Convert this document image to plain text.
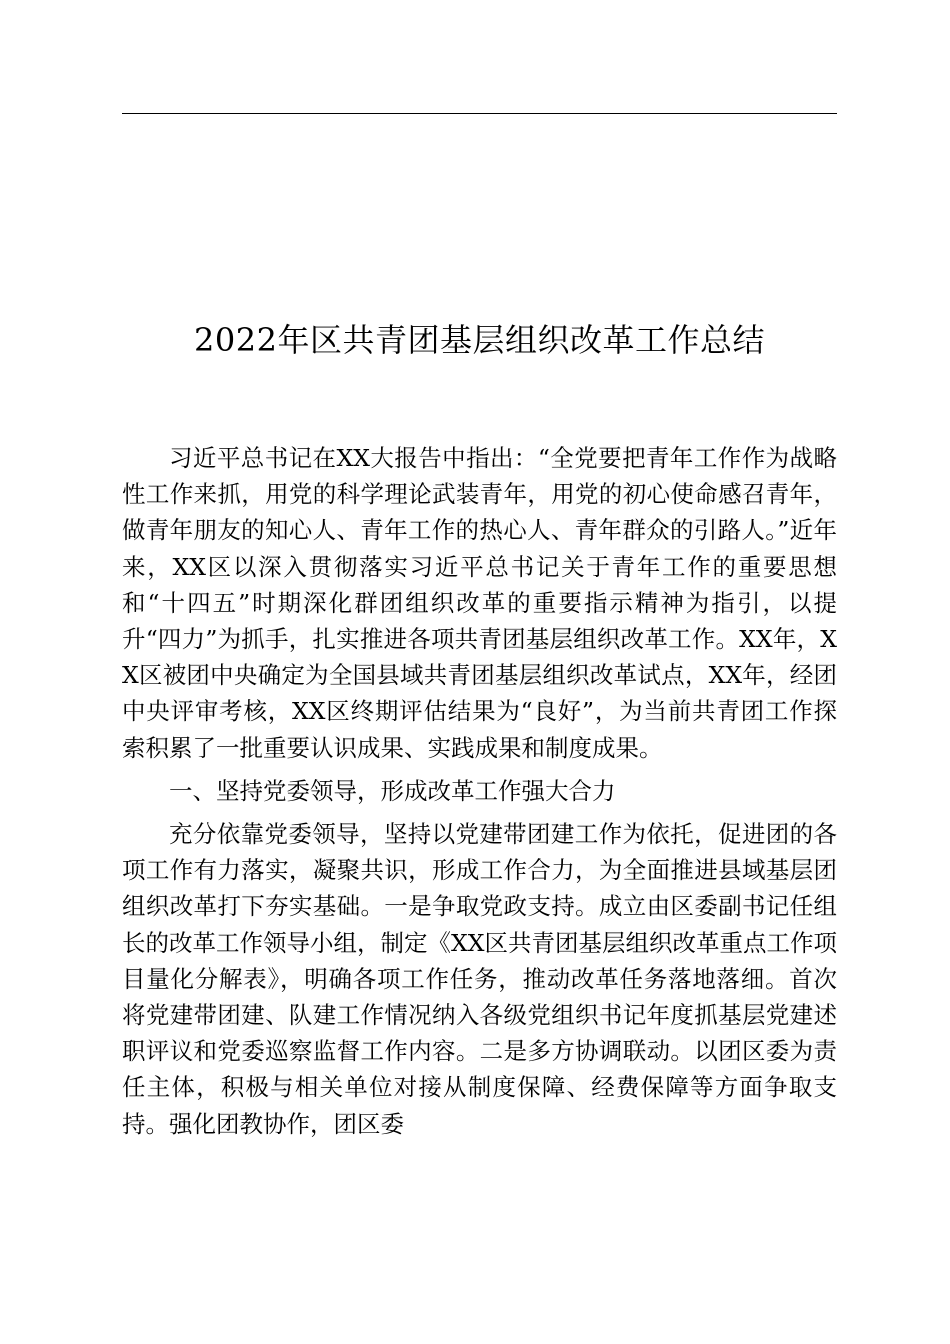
2022年区共青团基层组织改革工作总结

习近平总书记在XX大报告中指出：“全党要把青年工作作为战略性工作来抓，用党的科学理论武装青年，用党的初心使命感召青年，做青年朋友的知心人、青年工作的热心人、青年群众的引路人。”近年来，XX区以深入贯彻落实习近平总书记关于青年工作的重要思想和“十四五”时期深化群团组织改革的重要指示精神为指引，以提升“四力”为抓手，扎实推进各项共青团基层组织改革工作。XX年，XX区被团中央确定为全国县域共青团基层组织改革试点，XX年，经团中央评审考核，XX区终期评估结果为“良好”，为当前共青团工作探索积累了一批重要认识成果、实践成果和制度成果。

一、坚持党委领导，形成改革工作强大合力

充分依靠党委领导，坚持以党建带团建工作为依托，促进团的各项工作有力落实，凝聚共识，形成工作合力，为全面推进县域基层团组织改革打下夯实基础。一是争取党政支持。成立由区委副书记任组长的改革工作领导小组，制定《XX区共青团基层组织改革重点工作项目量化分解表》，明确各项工作任务，推动改革任务落地落细。首次将党建带团建、队建工作情况纳入各级党组织书记年度抓基层党建述职评议和党委巡察监督工作内容。二是多方协调联动。以团区委为责任主体，积极与相关单位对接从制度保障、经费保障等方面争取支持。强化团教协作，团区委
